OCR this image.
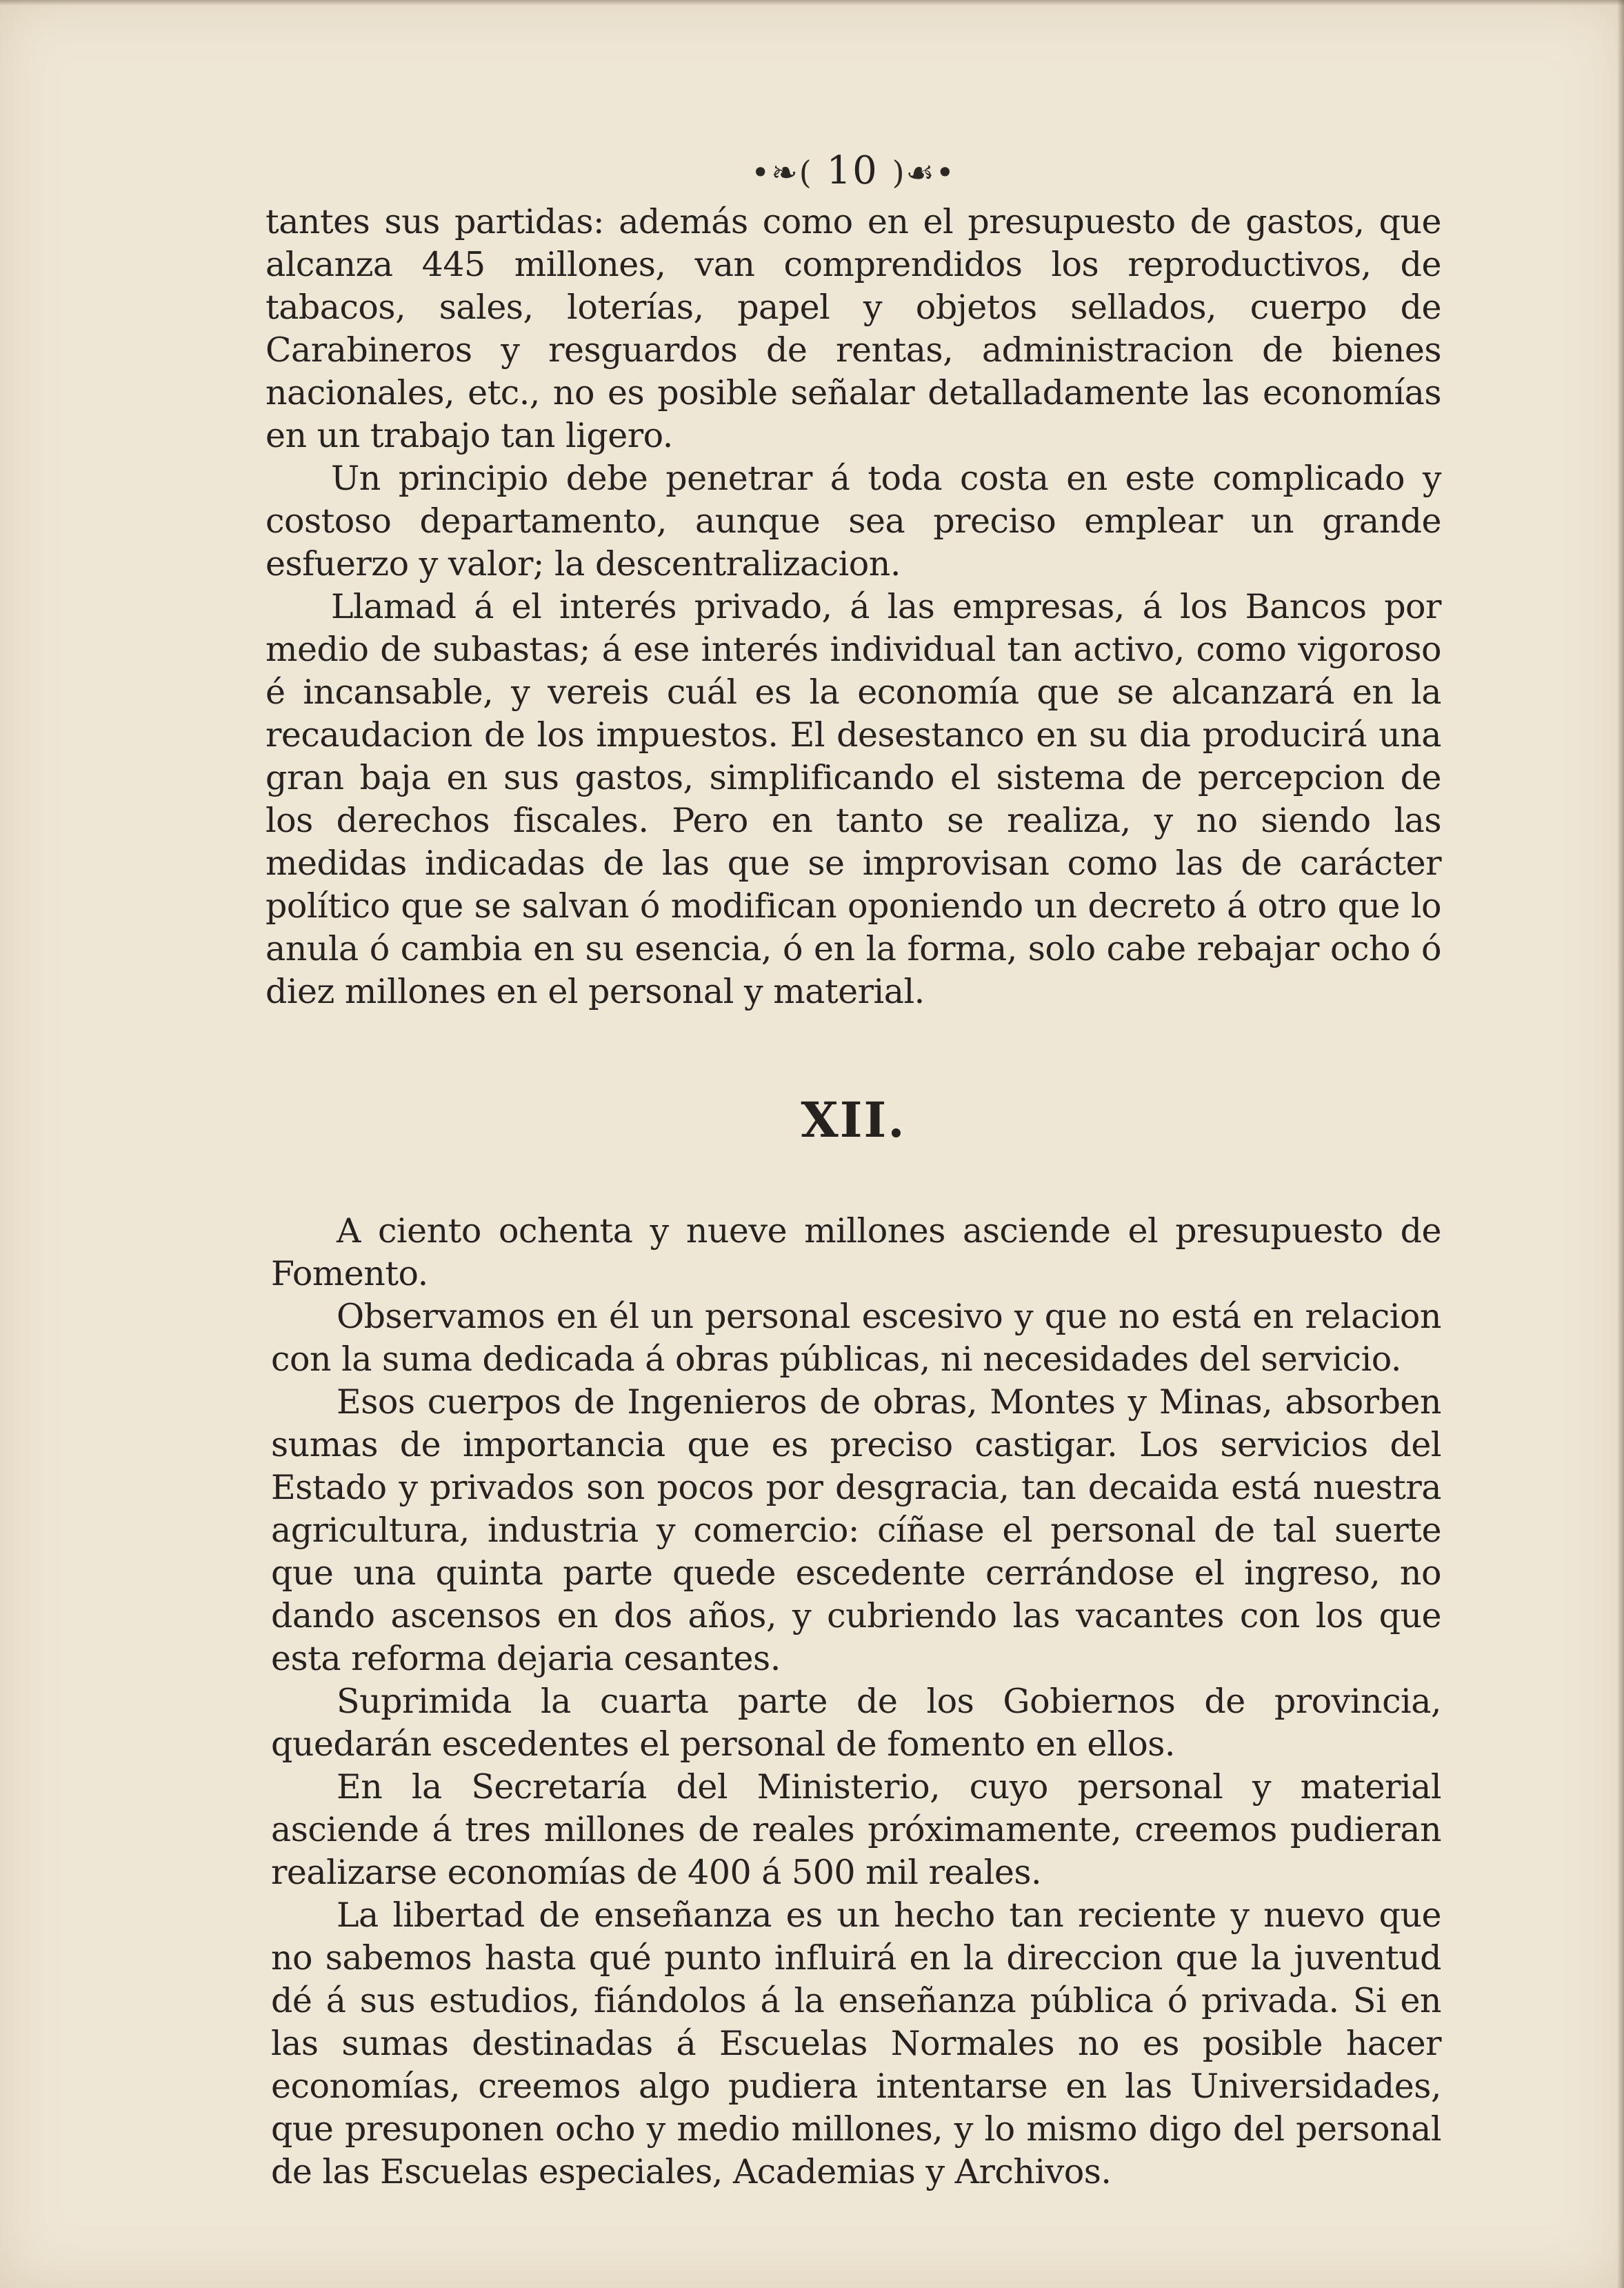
•❧( 10 )☙•

tantes sus partidas: además como en el presupuesto de gastos, que alcanza 445 millones, van comprendidos los reproductivos, de tabacos, sales, loterías, papel y objetos sellados, cuerpo de Carabineros y resguardos de rentas, administracion de bienes nacionales, etc., no es posible señalar detalladamente las economías en un trabajo tan ligero.

Un principio debe penetrar á toda costa en este complicado y costoso departamento, aunque sea preciso emplear un grande esfuerzo y valor; la descentralizacion.

Llamad á el interés privado, á las empresas, á los Bancos por medio de subastas; á ese interés individual tan activo, como vigoroso é incansable, y vereis cuál es la economía que se alcanzará en la recaudacion de los impuestos. El desestanco en su dia producirá una gran baja en sus gastos, simplificando el sistema de percepcion de los derechos fiscales. Pero en tanto se realiza, y no siendo las medidas indicadas de las que se improvisan como las de carácter político que se salvan ó modifican oponiendo un decreto á otro que lo anula ó cambia en su esencia, ó en la forma, solo cabe rebajar ocho ó diez millones en el personal y material.

XII.

A ciento ochenta y nueve millones asciende el presupuesto de Fomento.

Observamos en él un personal escesivo y que no está en relacion con la suma dedicada á obras públicas, ni necesidades del servicio.

Esos cuerpos de Ingenieros de obras, Montes y Minas, absorben sumas de importancia que es preciso castigar. Los servicios del Estado y privados son pocos por desgracia, tan decaida está nuestra agricultura, industria y comercio: cíñase el personal de tal suerte que una quinta parte quede escedente cerrándose el ingreso, no dando ascensos en dos años, y cubriendo las vacantes con los que esta reforma dejaria cesantes.

Suprimida la cuarta parte de los Gobiernos de provincia, quedarán escedentes el personal de fomento en ellos.

En la Secretaría del Ministerio, cuyo personal y material asciende á tres millones de reales próximamente, creemos pudieran realizarse economías de 400 á 500 mil reales.

La libertad de enseñanza es un hecho tan reciente y nuevo que no sabemos hasta qué punto influirá en la direccion que la juventud dé á sus estudios, fiándolos á la enseñanza pública ó privada. Si en las sumas destinadas á Escuelas Normales no es posible hacer economías, creemos algo pudiera intentarse en las Universidades, que presuponen ocho y medio millones, y lo mismo digo del personal de las Escuelas especiales, Academias y Archivos.
